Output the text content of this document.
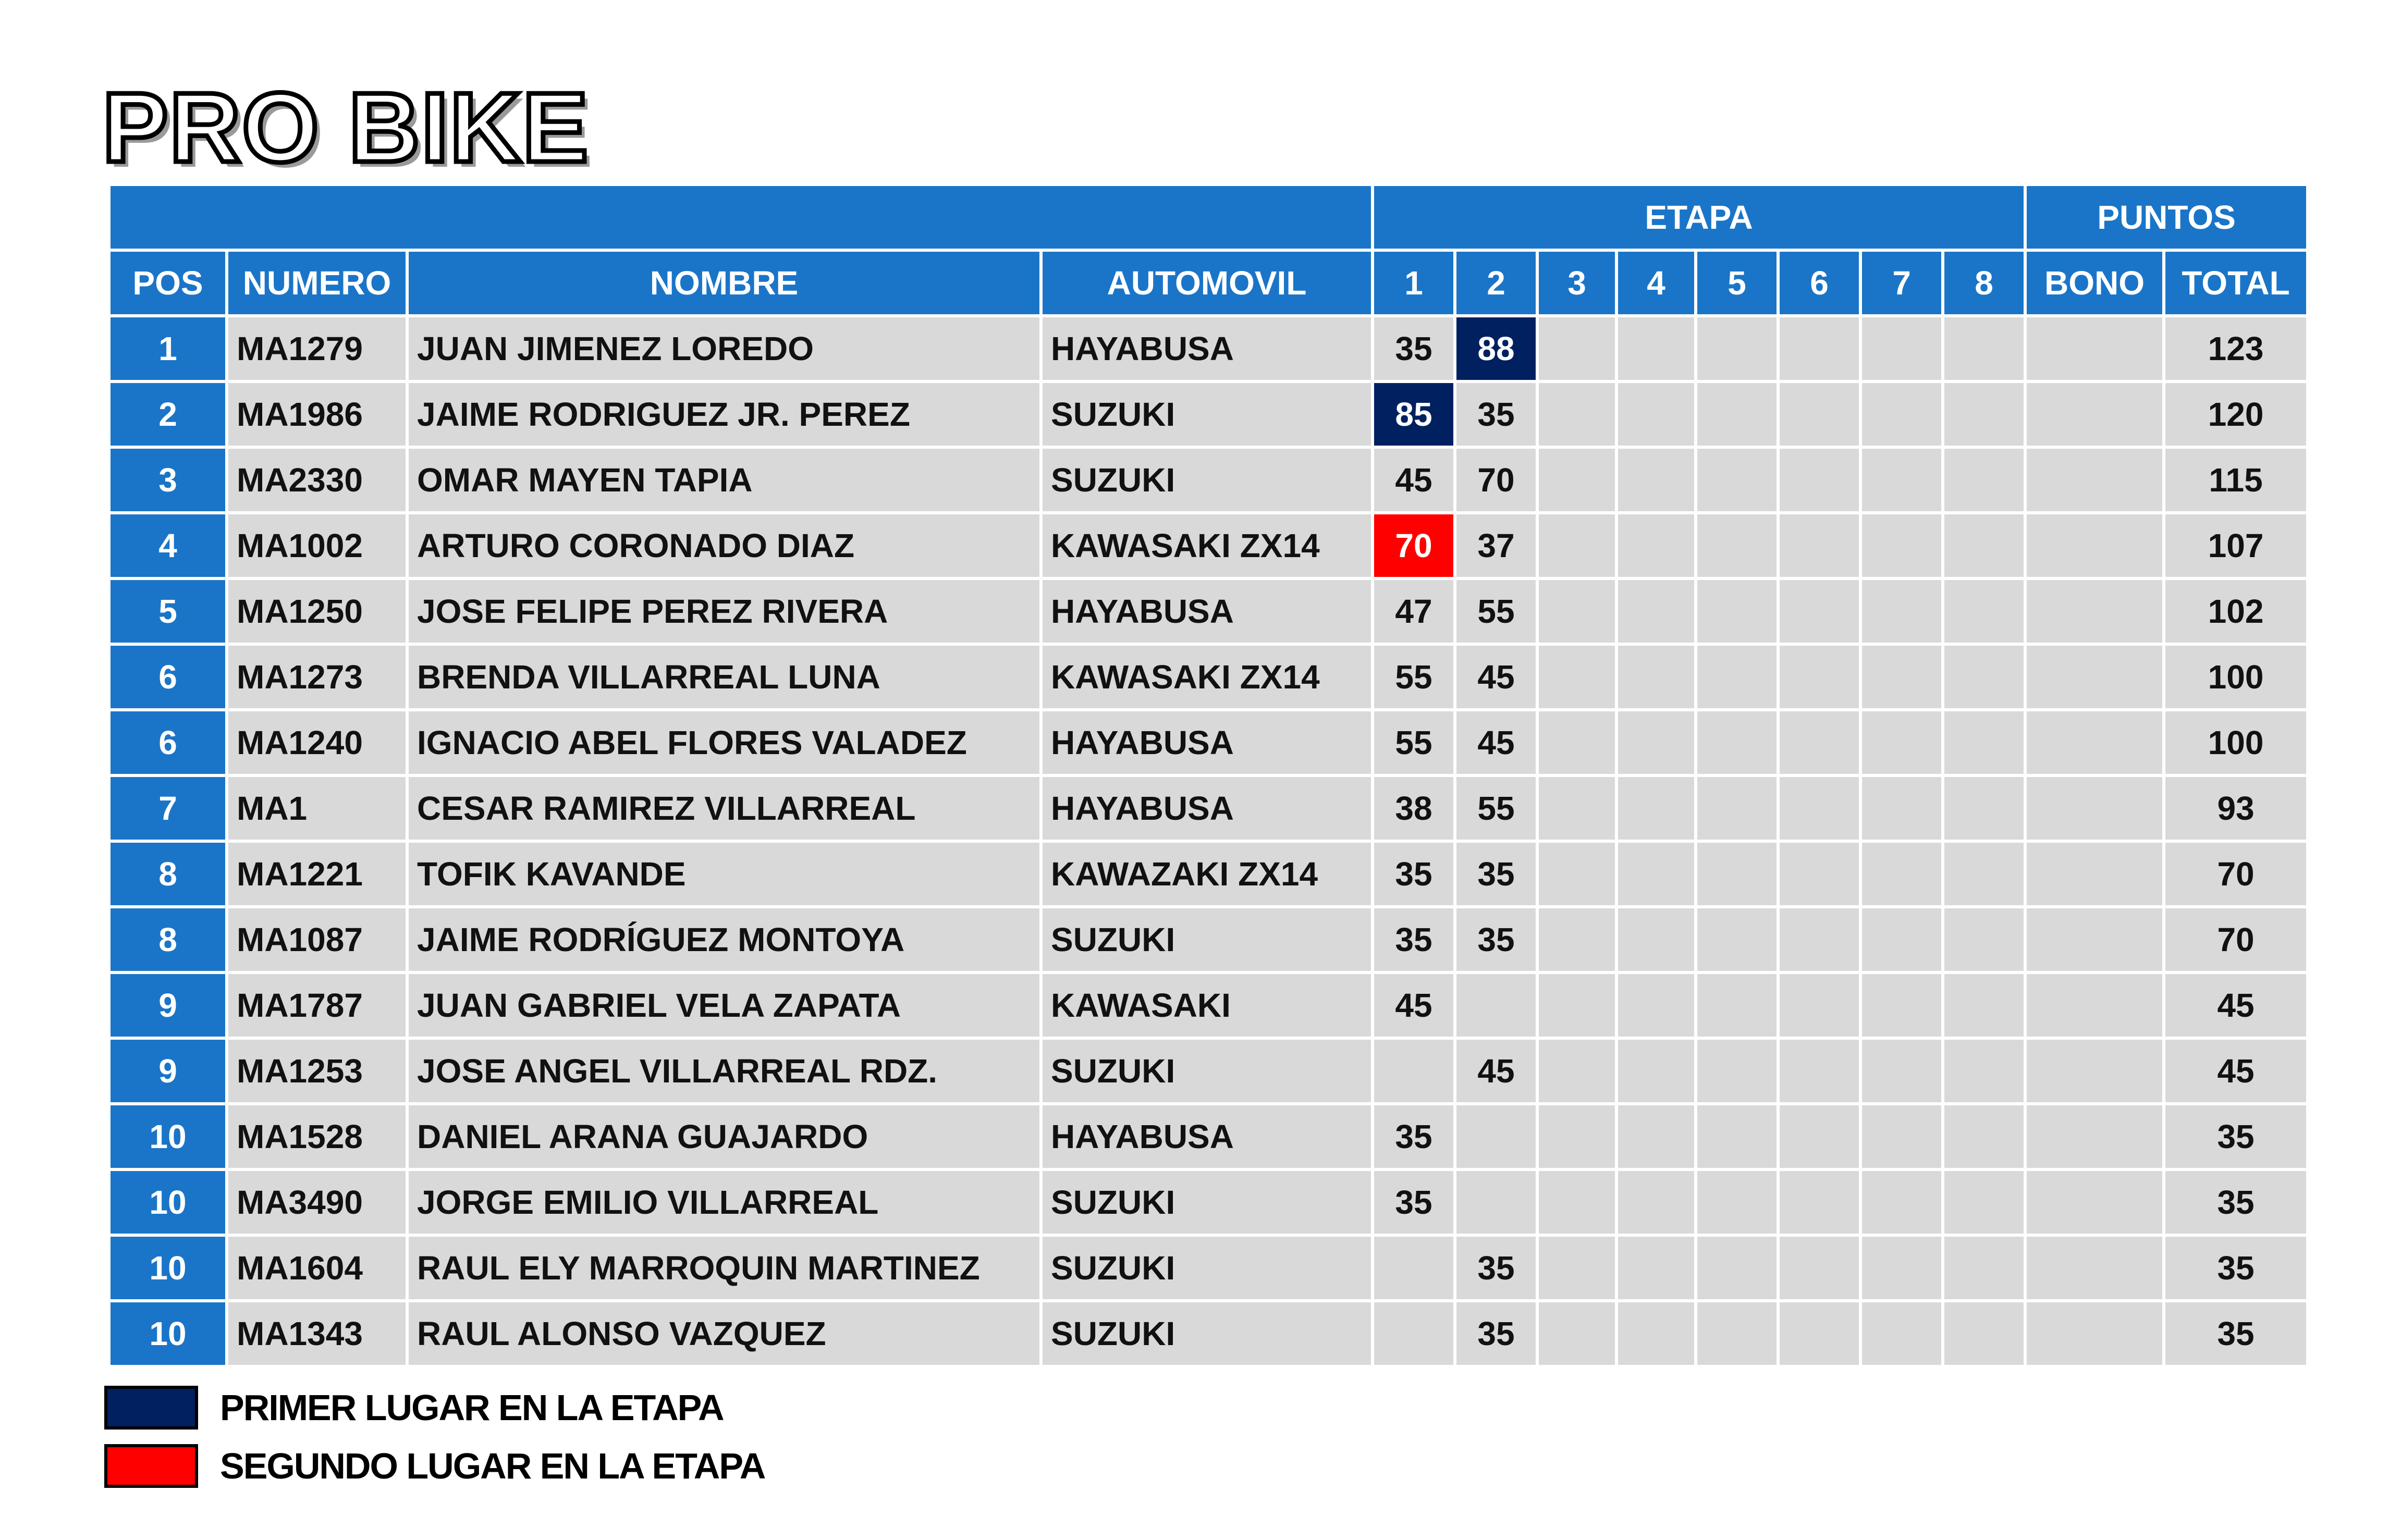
PRO BIKE
				ETAPA								PUNTOS	
POS	NUMERO	NOMBRE	AUTOMOVIL	1	2	3	4	5	6	7	8	BONO	TOTAL
1	MA1279	JUAN JIMENEZ LOREDO	HAYABUSA	35	88								123
2	MA1986	JAIME RODRIGUEZ JR. PEREZ	SUZUKI	85	35								120
3	MA2330	OMAR MAYEN TAPIA	SUZUKI	45	70								115
4	MA1002	ARTURO CORONADO DIAZ	KAWASAKI ZX14	70	37								107
5	MA1250	JOSE FELIPE PEREZ RIVERA	HAYABUSA	47	55								102
6	MA1273	BRENDA VILLARREAL LUNA	KAWASAKI ZX14	55	45								100
6	MA1240	IGNACIO ABEL FLORES VALADEZ	HAYABUSA	55	45								100
7	MA1	CESAR RAMIREZ VILLARREAL	HAYABUSA	38	55								93
8	MA1221	TOFIK KAVANDE	KAWAZAKI ZX14	35	35								70
8	MA1087	JAIME RODRÍGUEZ MONTOYA	SUZUKI	35	35								70
9	MA1787	JUAN GABRIEL VELA ZAPATA	KAWASAKI	45									45
9	MA1253	JOSE ANGEL VILLARREAL RDZ.	SUZUKI		45								45
10	MA1528	DANIEL ARANA GUAJARDO	HAYABUSA	35									35
10	MA3490	JORGE EMILIO VILLARREAL	SUZUKI	35									35
10	MA1604	RAUL ELY MARROQUIN MARTINEZ	SUZUKI		35								35
10	MA1343	RAUL ALONSO VAZQUEZ	SUZUKI		35								35
PRIMER LUGAR EN LA ETAPA
SEGUNDO LUGAR EN LA ETAPA
